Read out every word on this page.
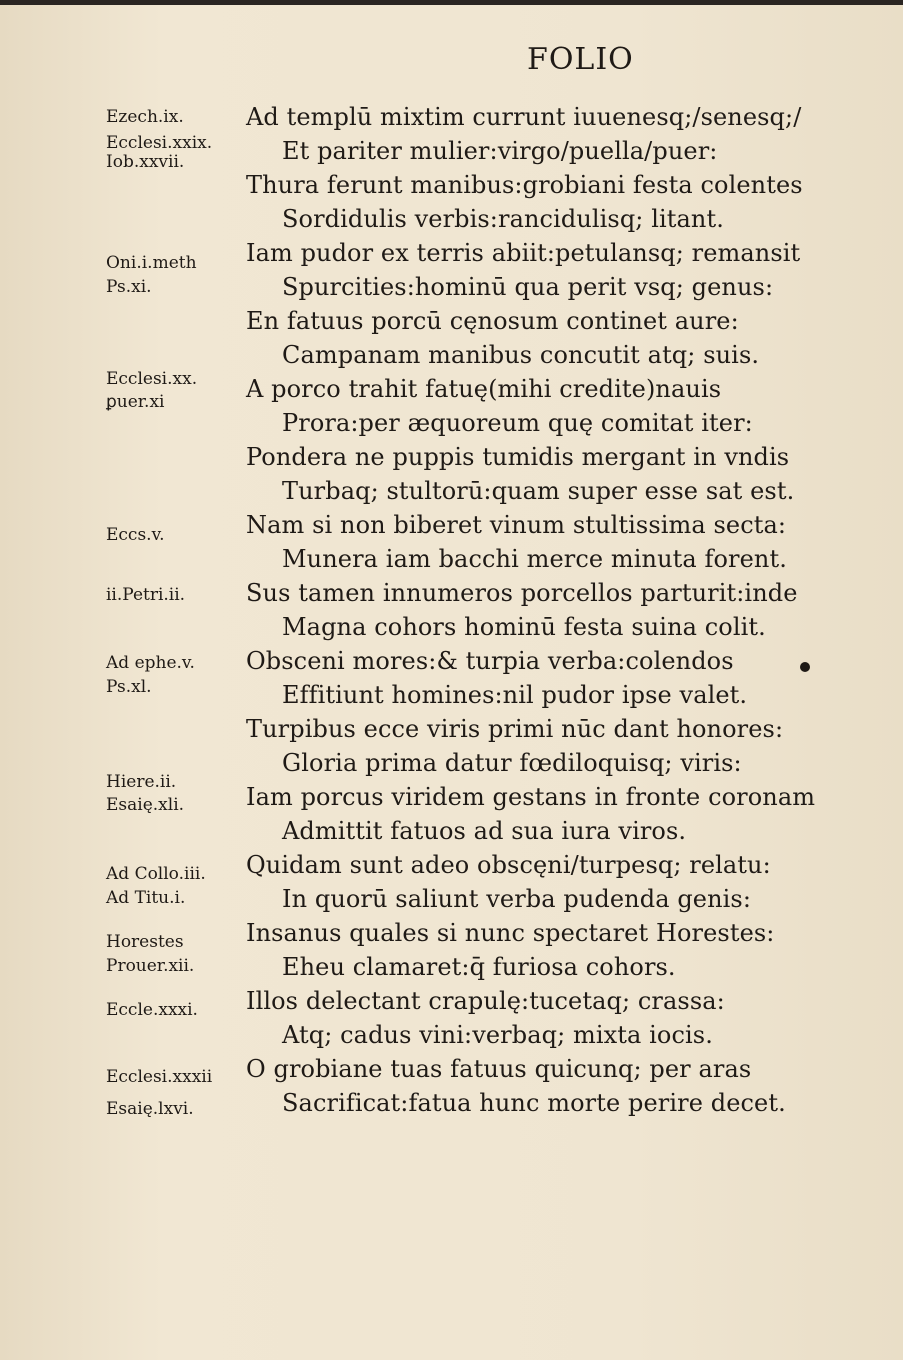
FOLIO
Ezech.ix.
Ecclesi.xxix.
Iob.xxvii.
Oni.i.meth
Ps.xi.
Ecclesi.xx.
ꝑuer.xi
Eccs.v.
ii.Petri.ii.
Ad ephe.v.
Ps.xl.
Hiere.ii.
Esaię.xli.
Ad Collo.iii.
Ad Titu.i.
Horestes
Prouer.xii.
Eccle.xxxi.
Ecclesi.xxxii
Esaię.lxvi.
Ad templū mixtim currunt iuuenesq;/senesq;/
Et pariter mulier:virgo/puella/puer:
Thura ferunt manibus:grobiani festa colentes
Sordidulis verbis:rancidulisq; litant.
Iam pudor ex terris abiit:petulansq; remansit
Spurcities:hominū qua perit vsq; genus:
En fatuus porcū cęnosum continet aure:
Campanam manibus concutit atq; suis.
A porco trahit fatuę(mihi credite)nauis
Prora:per æquoreum quę comitat iter:
Pondera ne puppis tumidis mergant in vndis
Turbaq; stultorū:quam super esse sat est.
Nam si non biberet vinum stultissima secta:
Munera iam bacchi merce minuta forent.
Sus tamen innumeros porcellos parturit:inde
Magna cohors hominū festa suina colit.
Obsceni mores:& turpia verba:colendos
Effitiunt homines:nil pudor ipse valet.
Turpibus ecce viris primi nūc dant honores:
Gloria prima datur fœdiloquisq; viris:
Iam porcus viridem gestans in fronte coronam
Admittit fatuos ad sua iura viros.
Quidam sunt adeo obscęni/turpesq; relatu:
In quorū saliunt verba pudenda genis:
Insanus quales si nunc spectaret Horestes:
Eheu clamaret:q̄ furiosa cohors.
Illos delectant crapulę:tucetaq; crassa:
Atq; cadus vini:verbaq; mixta iocis.
O grobiane tuas fatuus quicunq; per aras
Sacrificat:fatua hunc morte perire decet.
